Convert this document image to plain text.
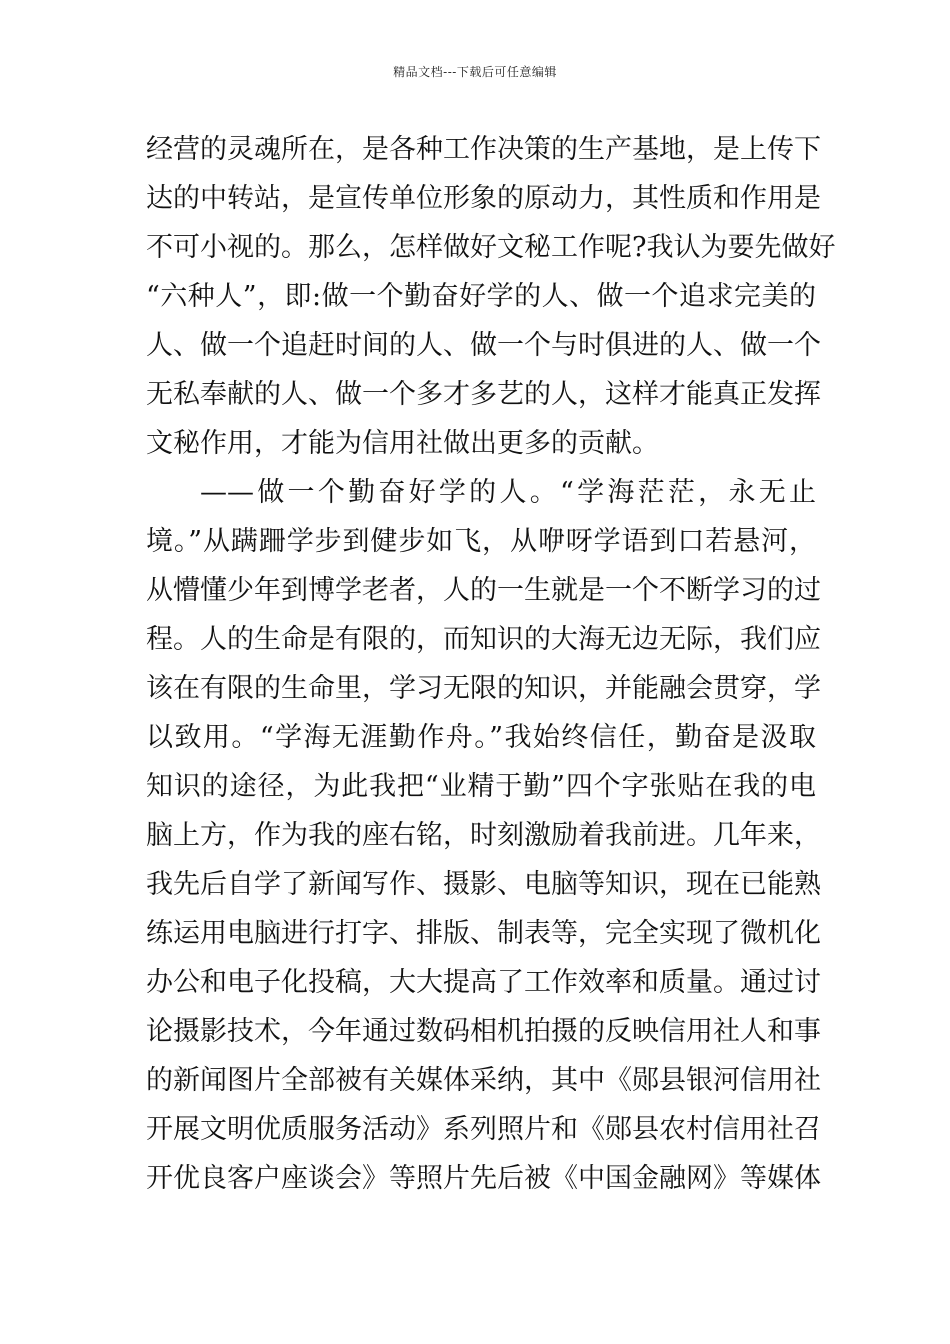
精品文档---下载后可任意编辑
经营的灵魂所在，是各种工作决策的生产基地，是上传下
达的中转站，是宣传单位形象的原动力，其性质和作用是
不可小视的。那么，怎样做好文秘工作呢?我认为要先做好
“六种人”，即:做一个勤奋好学的人、做一个追求完美的
人、做一个追赶时间的人、做一个与时俱进的人、做一个
无私奉献的人、做一个多才多艺的人，这样才能真正发挥
文秘作用，才能为信用社做出更多的贡献。
——做一个勤奋好学的人。“学海茫茫，永无止
境。”从蹒跚学步到健步如飞，从咿呀学语到口若悬河，
从懵懂少年到博学老者，人的一生就是一个不断学习的过
程。人的生命是有限的，而知识的大海无边无际，我们应
该在有限的生命里，学习无限的知识，并能融会贯穿，学
以致用。“学海无涯勤作舟。”我始终信任，勤奋是汲取
知识的途径，为此我把“业精于勤”四个字张贴在我的电
脑上方，作为我的座右铭，时刻激励着我前进。几年来，
我先后自学了新闻写作、摄影、电脑等知识，现在已能熟
练运用电脑进行打字、排版、制表等，完全实现了微机化
办公和电子化投稿，大大提高了工作效率和质量。通过讨
论摄影技术，今年通过数码相机拍摄的反映信用社人和事
的新闻图片全部被有关媒体采纳，其中《郧县银河信用社
开展文明优质服务活动》系列照片和《郧县农村信用社召
开优良客户座谈会》等照片先后被《中国金融网》等媒体
